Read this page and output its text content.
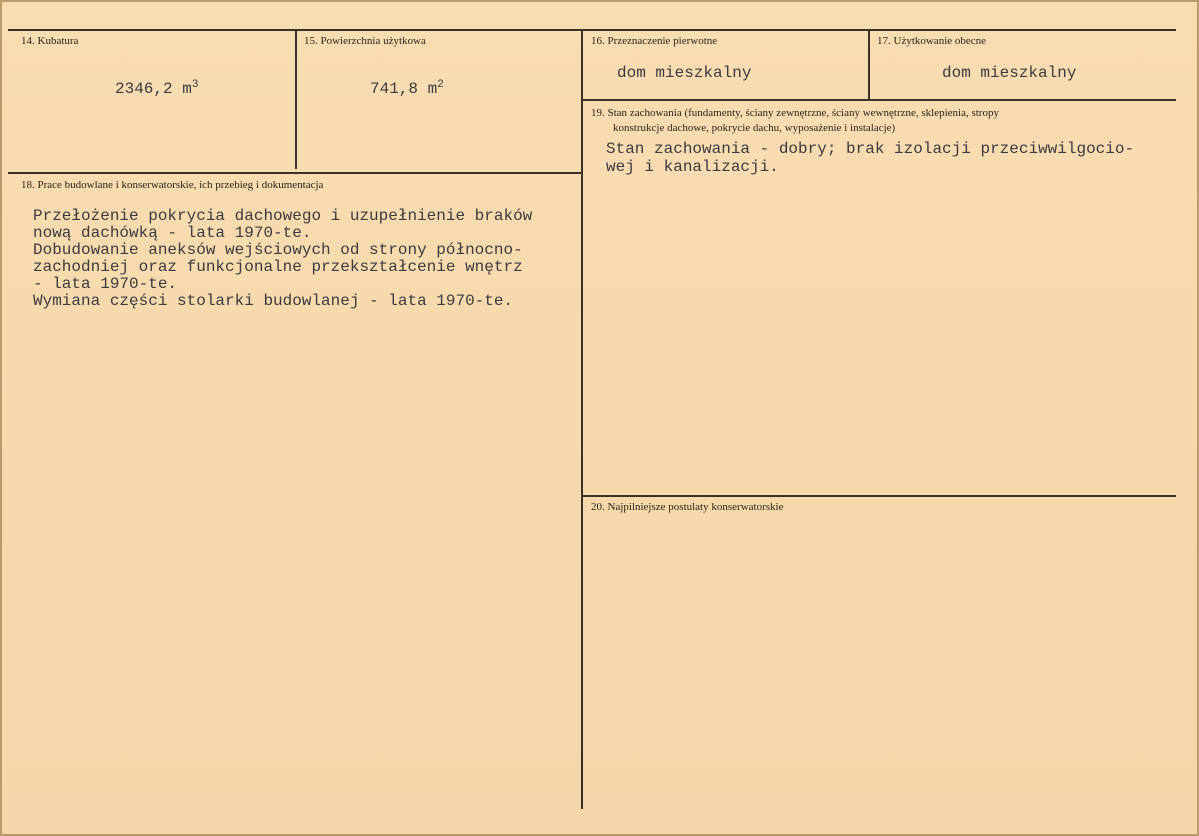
14. Kubatura
2346,2 $m^3$
15. Powierzchnia użytkowa
741,8 $m^2$
16. Przeznaczenie pierwotne
dom mieszkalny
17. Użytkowanie obecne
dom mieszkalny
18. Prace budowlane i konserwatorskie, ich przebieg i dokumentacja
Przełożenie pokrycia dachowego i uzupełnienie braków
nową dachówką - lata 1970-te.
Dobudowanie aneksów wejściowych od strony północno-
zachodniej oraz funkcjonalne przekształcenie wnętrz
- lata 1970-te.
Wymiana części stolarki budowlanej - lata 1970-te.
19. Stan zachowania (fundamenty, ściany zewnętrzne, ściany wewnętrzne, sklepienia, stropy
konstrukcje dachowe, pokrycie dachu, wyposażenie i instalacje)
Stan zachowania - dobry; brak izolacji przeciwwilgocio-
wej i kanalizacji.
20. Najpilniejsze postulaty konserwatorskie
